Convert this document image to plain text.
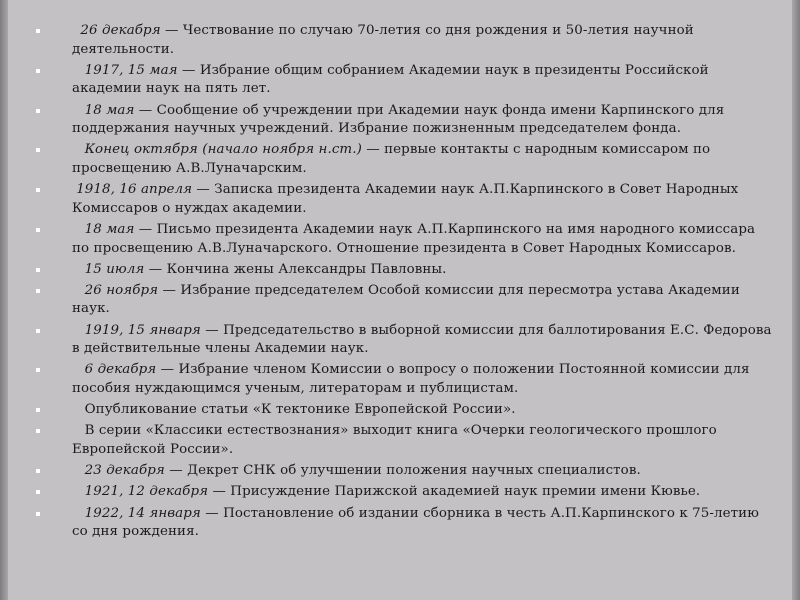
26 декабря — Чествование по случаю 70-летия со дня рождения и 50-летия научной деятельности.
1917, 15 мая — Избрание общим собранием Академии наук в президенты Российской академии наук на пять лет.
18 мая — Сообщение об учреждении при Академии наук фонда имени Карпинского для поддержания научных учреждений. Избрание пожизненным председателем фонда.
Конец октября (начало ноября н.ст.) — первые контакты с народным комиссаром по просвещению А.В.Луначарским.
1918, 16 апреля — Записка президента Академии наук А.П.Карпинского в Совет Народных Комиссаров о нуждах академии.
18 мая — Письмо президента Академии наук А.П.Карпинского на имя народного комиссара по просвещению А.В.Луначарского. Отношение президента в Совет Народных Комиссаров.
15 июля — Кончина жены Александры Павловны.
26 ноября — Избрание председателем Особой комиссии для пересмотра устава Академии наук.
1919, 15 января — Председательство в выборной комиссии для баллотирования Е.С. Федорова в действительные члены Академии наук.
6 декабря — Избрание членом Комиссии о вопросу о положении Постоянной комиссии для пособия нуждающимся ученым, литераторам и публицистам.
Опубликование статьи «К тектонике Европейской России».
В серии «Классики естествознания» выходит книга «Очерки геологического прошлого Европейской России».
23 декабря — Декрет СНК об улучшении положения научных специалистов.
1921, 12 декабря — Присуждение Парижской академией наук премии имени Кювье.
1922, 14 января — Постановление об издании сборника в честь А.П.Карпинского к 75-летию со дня рождения.
